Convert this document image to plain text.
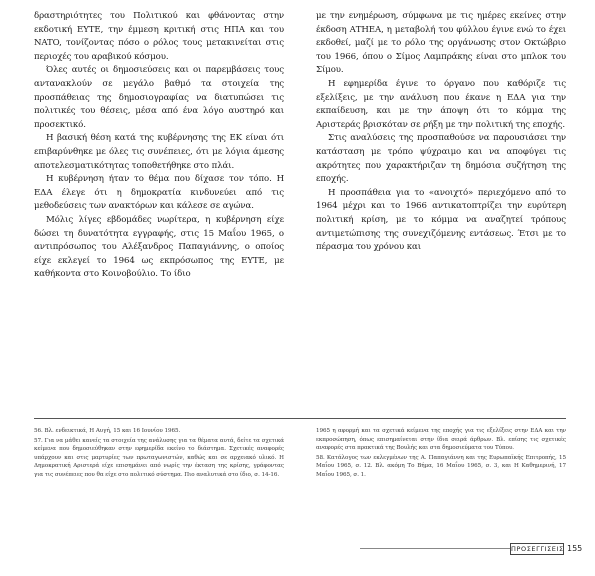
δραστηριότητες του Πολιτικού και φθάνοντας στην εκδοτική ΕΥΤΕ, την έμμεση κριτική στις ΗΠΑ και του NATO, τονίζοντας πόσο ο ρόλος τους μετακινείται στις περιοχές του αραβικού κόσμου.

Όλες αυτές οι δημοσιεύσεις και οι παρεμβάσεις τους αντανακλούν σε μεγάλο βαθμό τα στοιχεία της προσπάθειας της δημοσιογραφίας να διατυπώσει τις πολιτικές του θέσεις, μέσα από ένα λόγο αυστηρό και προσεκτικό.

Η βασική θέση κατά της κυβέρνησης της ΕΚ είναι ότι επιβαρύνθηκε με όλες τις συνέπειες, ότι με λόγια άμεσης αποτελεσματικότητας τοποθετήθηκε στο πλάι.

Η κυβέρνηση ήταν το θέμα που δίχασε τον τόπο. Η ΕΔΑ έλεγε ότι η δημοκρατία κινδυνεύει από τις μεθοδεύσεις των ανακτόρων και κάλεσε σε αγώνα.

Μόλις λίγες εβδομάδες νωρίτερα, η κυβέρνηση είχε δώσει τη δυνατότητα εγγραφής, στις 15 Μαΐου 1965, ο αντιπρόσωπος του Αλέξανδρος Παπαγιάννης, ο οποίος είχε εκλεγεί το 1964 ως εκπρόσωπος της ΕΥΤΕ, με καθήκοντα στο Κοινοβούλιο. Το ίδιο

με την ενημέρωση, σύμφωνα με τις ημέρες εκείνες στην έκδοση ΑΤΗΕΑ, η μεταβολή του φύλλου έγινε ενώ το έχει εκδοθεί, μαζί με το ρόλο της οργάνωσης στον Οκτώβριο του 1966, όπου ο Σίμος Λαμπράκης είναι στο μπλοκ του Σίμου.

Η εφημερίδα έγινε το όργανο που καθόριζε τις εξελίξεις, με την ανάλυση που έκανε η ΕΔΑ για την εκπαίδευση, και με την άποψη ότι το κόμμα της Αριστεράς βρισκόταν σε ρήξη με την πολιτική της εποχής.

Στις αναλύσεις της προσπαθούσε να παρουσιάσει την κατάσταση με τρόπο ψύχραιμο και να αποφύγει τις ακρότητες που χαρακτήριζαν τη δημόσια συζήτηση της εποχής.

Η προσπάθεια για το «ανοιχτό» περιεχόμενο από το 1964 μέχρι και το 1966 αντικατοπτρίζει την ευρύτερη πολιτική κρίση, με το κόμμα να αναζητεί τρόπους αντιμετώπισης της συνεχιζόμενης εντάσεως. Έτσι με το πέρασμα του χρόνου και

56. Βλ. ενδεικτικά, Η Αυγή, 15 και 16 Ιουνίου 1965.

57. Για να μάθει κανείς τα στοιχεία της ανάλυσης για τα θέματα αυτά, δείτε τα σχετικά κείμενα που δημοσιεύθηκαν στην εφημερίδα εκείνο το διάστημα. Σχετικές αναφορές υπάρχουν και στις μαρτυρίες των πρωταγωνιστών, καθώς και σε αρχειακό υλικό. Η Δημοκρατική Αριστερά είχε επισημάνει από νωρίς την έκταση της κρίσης, γράφοντας για τις συνέπειες που θα είχε στο πολιτικό σύστημα. Πιο αναλυτικά στο ίδιο, σ. 14-16.

1965 η αφορμή και τα σχετικά κείμενα της εποχής για τις εξελίξεις στην ΕΔΑ και την εκπροσώπηση, όπως επισημαίνεται στην ίδια σειρά άρθρων. Βλ. επίσης τις σχετικές αναφορές στα πρακτικά της Βουλής και στα δημοσιεύματα του Τύπου.

58. Κατάλογος των εκλεγμένων της Α. Παπαγιάννη και της Ευρωπαϊκής Επιτροπής, 15 Μαΐου 1965, σ. 12. Βλ. ακόμη Το Βήμα, 16 Μαΐου 1965, σ. 3, και Η Καθημερινή, 17 Μαΐου 1965, σ. 1.

ΠΡΟΣΕΓΓΙΣΕΙΣ 155
